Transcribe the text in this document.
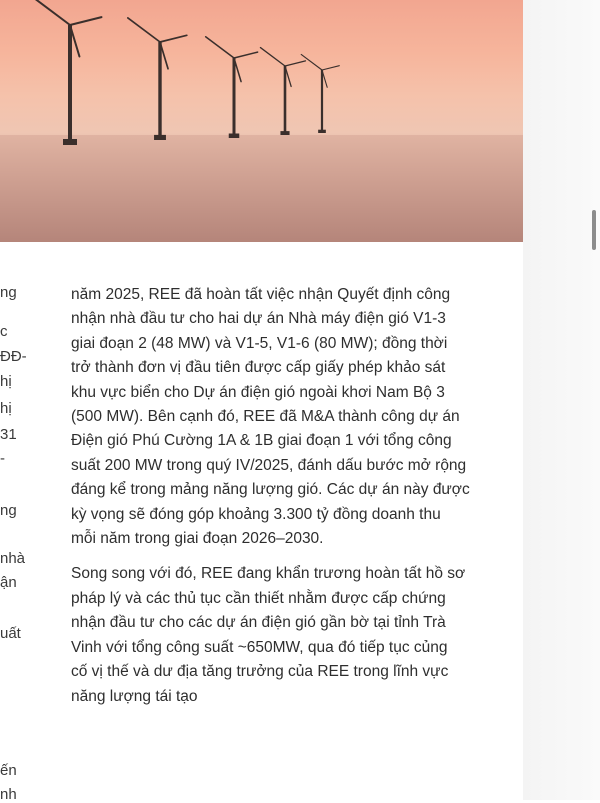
ng
c
ĐĐ-
hị
hị
31
-
ng
nhà
ận
uất
ến
nh

năm 2025, REE đã hoàn tất việc nhận Quyết định công
nhận nhà đầu tư cho hai dự án Nhà máy điện gió V1-3
giai đoạn 2 (48 MW) và V1-5, V1-6 (80 MW); đồng thời
trở thành đơn vị đầu tiên được cấp giấy phép khảo sát
khu vực biển cho Dự án điện gió ngoài khơi Nam Bộ 3
(500 MW). Bên cạnh đó, REE đã M&A thành công dự án
Điện gió Phú Cường 1A & 1B giai đoạn 1 với tổng công
suất 200 MW trong quý IV/2025, đánh dấu bước mở rộng
đáng kể trong mảng năng lượng gió. Các dự án này được
kỳ vọng sẽ đóng góp khoảng 3.300 tỷ đồng doanh thu
mỗi năm trong giai đoạn 2026–2030.

Song song với đó, REE đang khẩn trương hoàn tất hồ sơ
pháp lý và các thủ tục cần thiết nhằm được cấp chứng
nhận đầu tư cho các dự án điện gió gần bờ tại tỉnh Trà
Vinh với tổng công suất ~650MW, qua đó tiếp tục củng
cố vị thế và dư địa tăng trưởng của REE trong lĩnh vực
năng lượng tái tạo
